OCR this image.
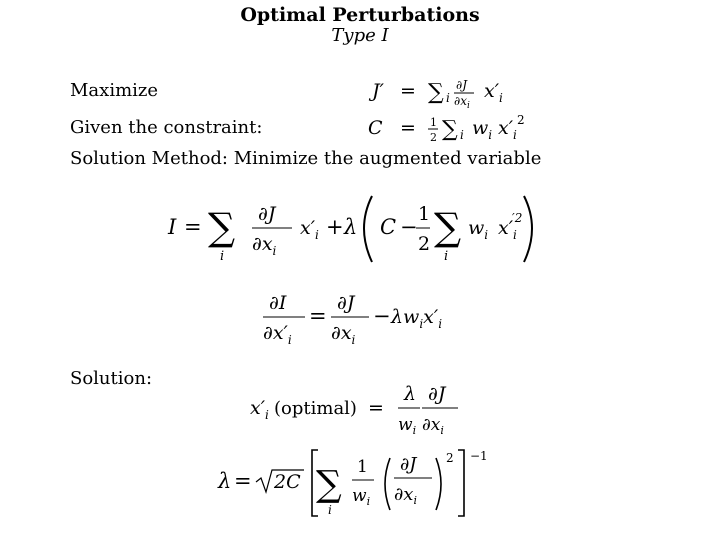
Optimal Perturbations
Type I
Maximize
Given the constraint:
Solution Method: Minimize the augmented variable
Solution:
J′ = ∑ i
∂J
$\partial x_i$
$x'_i$
C = 1
2 ∑ i $w_i$ $x'_i$
2
I = ∑
i
∂J
$\partial x_i$
$x'_i + \lambda$ C −
1
2 ∑
i
$w_i$ $x'_i$
′2
∂I
$\partial x'_i$
=
∂J
$\partial x_i$
− $\lambda w_ix'_i$
$x'_i$ (optimal) =
λ
$w_i$
∂J
$\partial x_i$
λ = 2C ∑
i
1
$w_i$
∂J
$\partial x_i$
2 −1
